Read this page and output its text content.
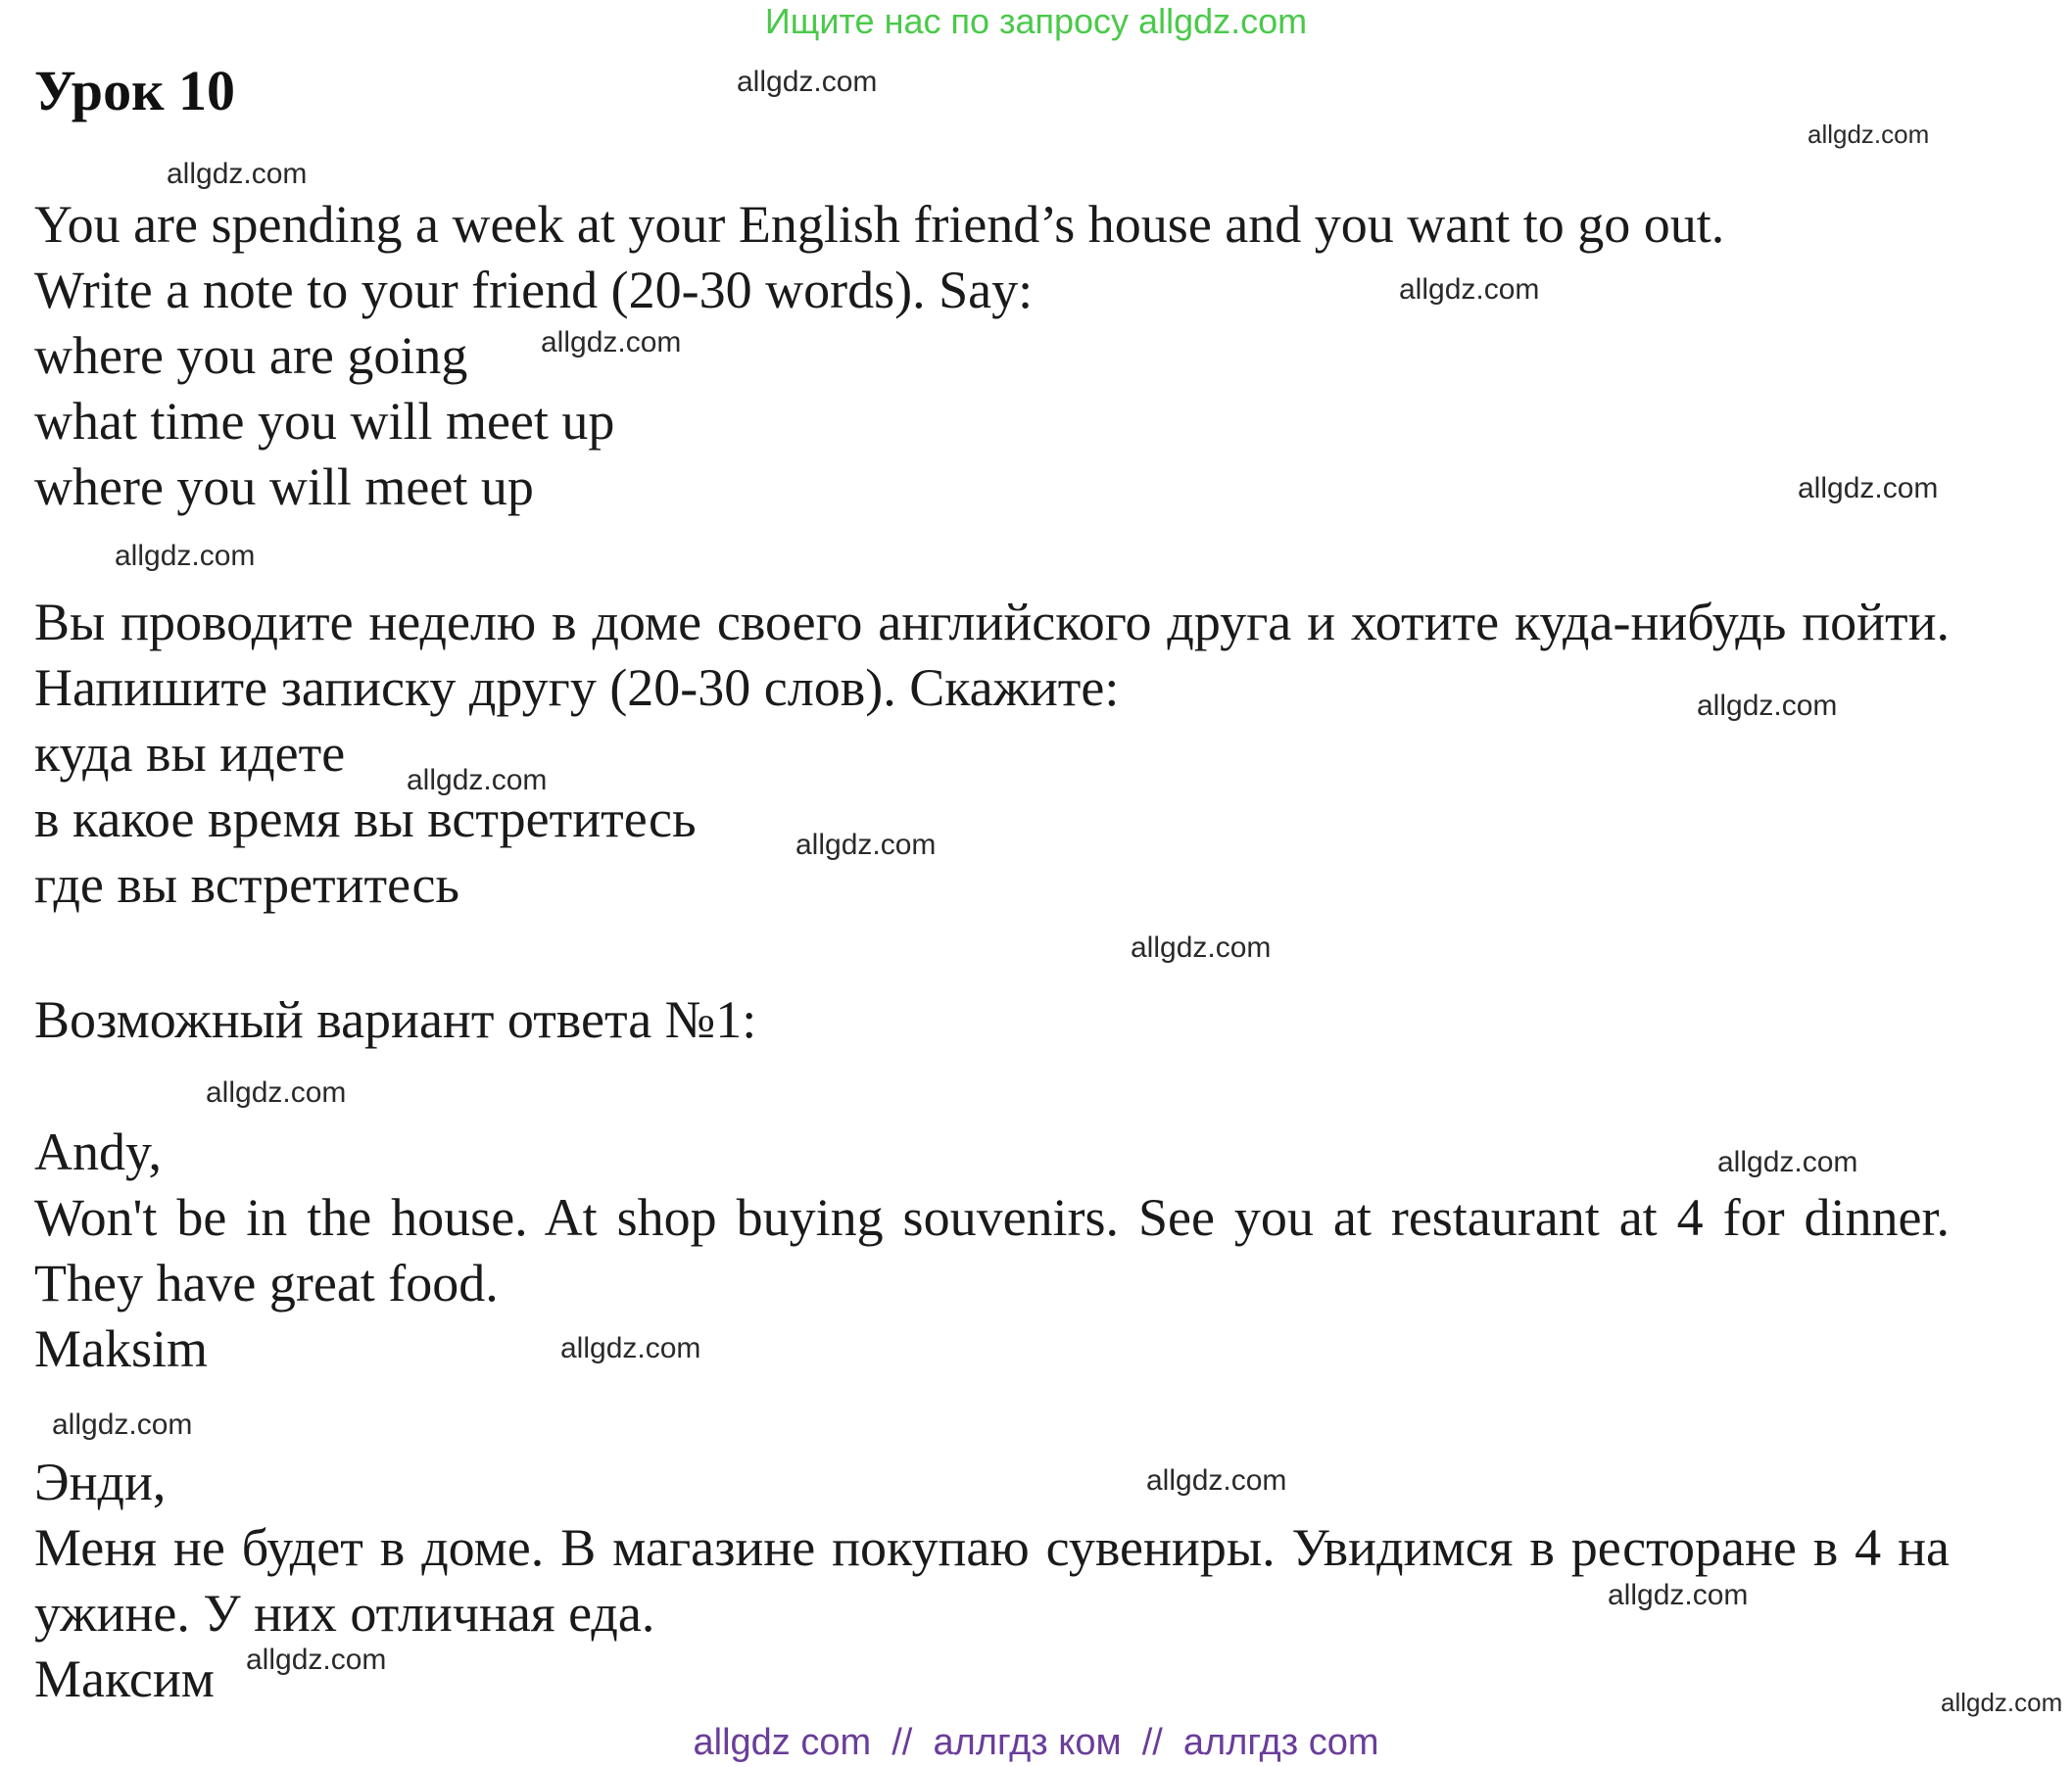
Ищите нас по запросу allgdz.com
Урок 10
You are spending a week at your English friend’s house and you want to go out.
Write a note to your friend (20-30 words). Say:
where you are going
what time you will meet up
where you will meet up
Вы проводите неделю в доме своего английского друга и хотите куда-нибудь пойти. Напишите записку другу (20-30 слов). Скажите:
куда вы идете
в какое время вы встретитесь
где вы встретитесь
Возможный вариант ответа №1:
Andy,
Won't be in the house. At shop buying souvenirs. See you at restaurant at 4 for dinner. They have great food.
Maksim
Энди,
Меня не будет в доме. В магазине покупаю сувениры. Увидимся в ресторане в 4 на ужине. У них отличная еда.
Максим
allgdz.com
allgdz.com
allgdz.com
allgdz.com
allgdz.com
allgdz.com
allgdz.com
allgdz.com
allgdz.com
allgdz.com
allgdz.com
allgdz.com
allgdz.com
allgdz.com
allgdz.com
allgdz.com
allgdz.com
allgdz.com
allgdz.com
allgdz com  //  аллгдз ком  //  аллгдз com
